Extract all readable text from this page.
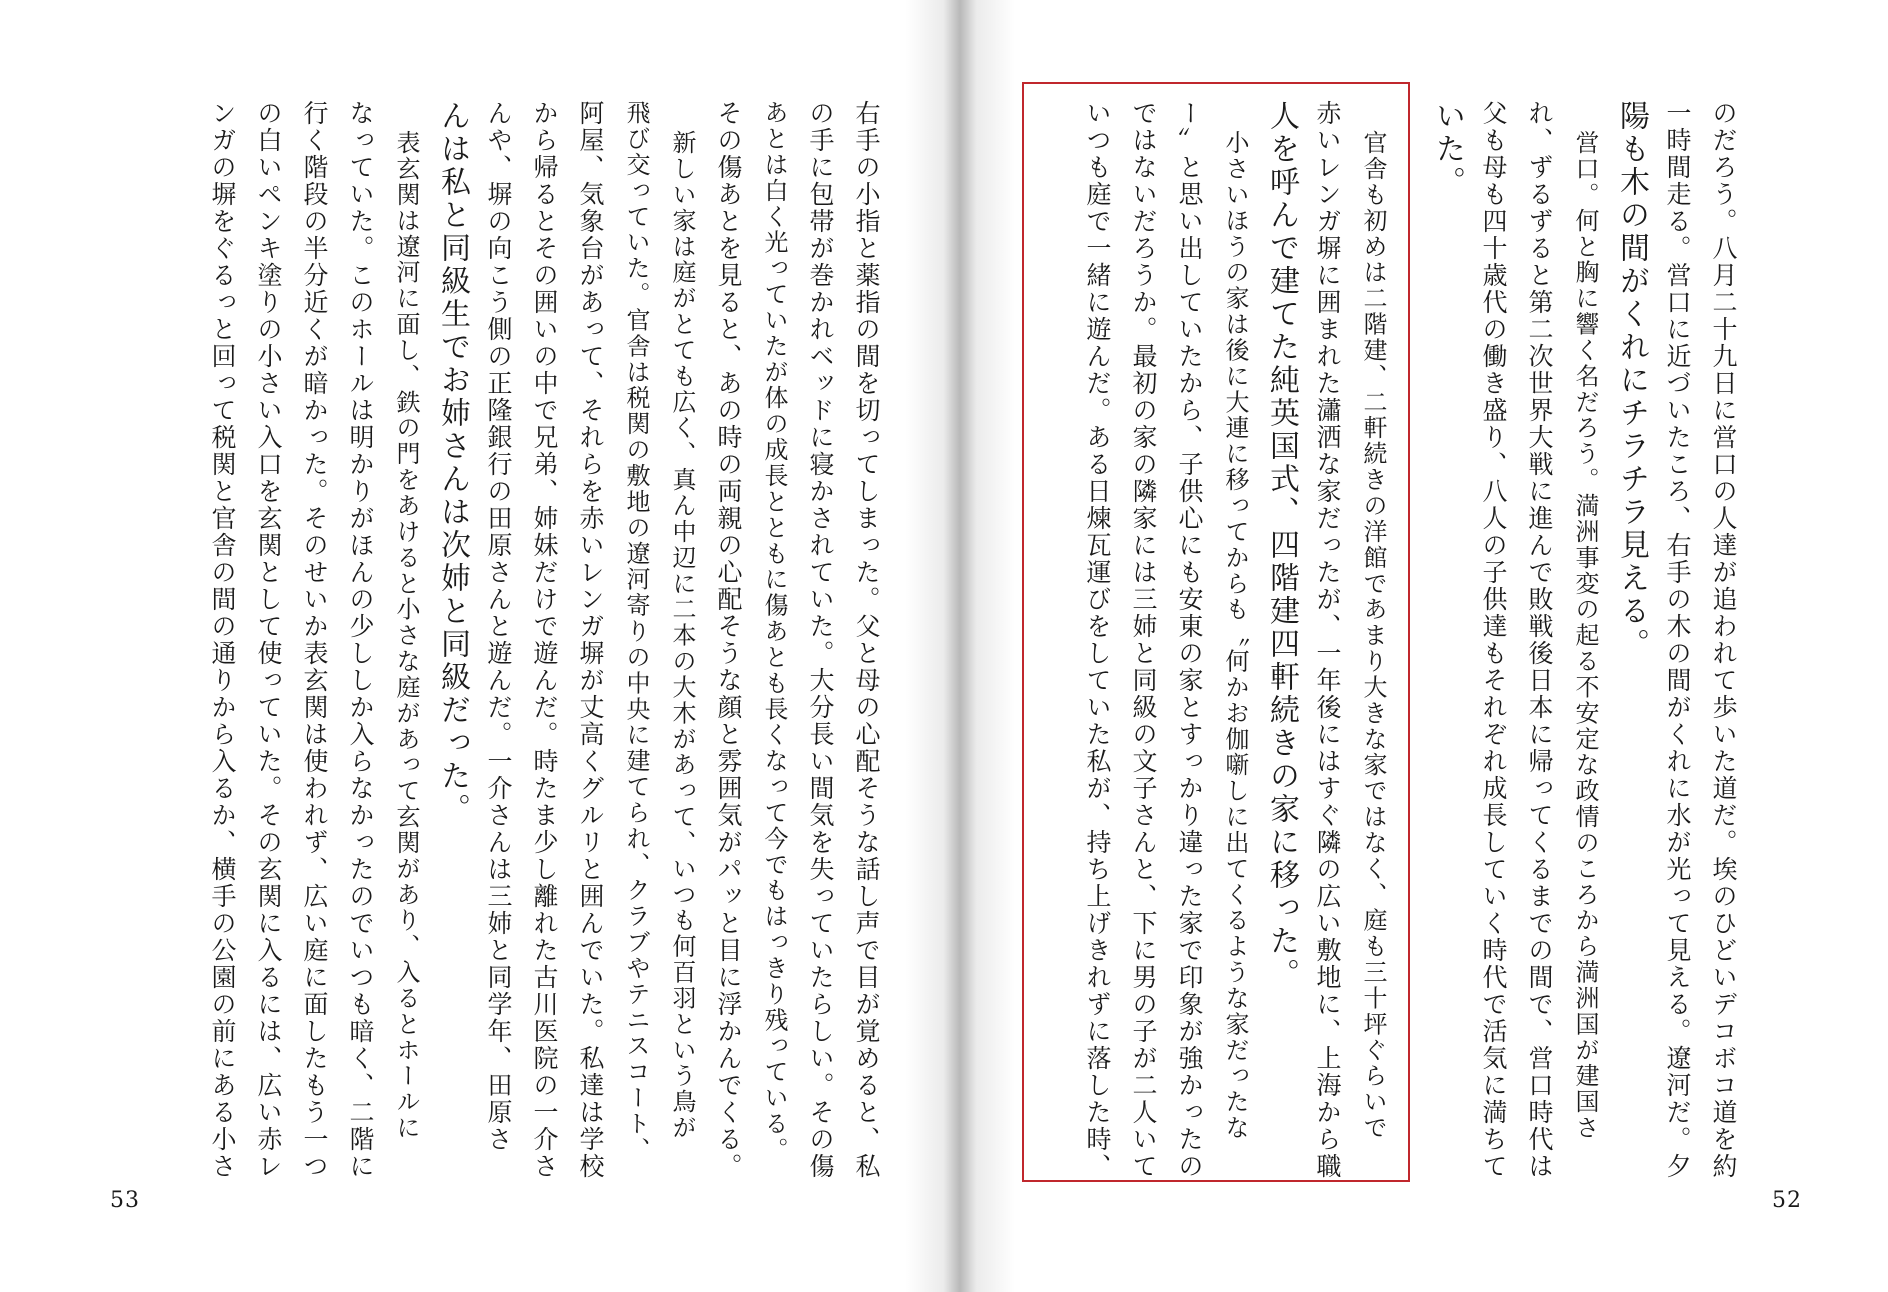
右手の小指と薬指の間を切ってしまった。父と母の心配そうな話し声で目が覚めると、私
の手に包帯が巻かれベッドに寝かされていた。大分長い間気を失っていたらしい。その傷
あとは白く光っていたが体の成長とともに傷あとも長くなって今でもはっきり残っている。
その傷あとを見ると、あの時の両親の心配そうな顔と雰囲気がパッと目に浮かんでくる。
新しい家は庭がとても広く、真ん中辺に二本の大木があって、いつも何百羽という鳥が
飛び交っていた。官舎は税関の敷地の遼河寄りの中央に建てられ、クラブやテニスコート、
阿屋、気象台があって、それらを赤いレンガ塀が丈高くグルリと囲んでいた。私達は学校
から帰るとその囲いの中で兄弟、姉妹だけで遊んだ。時たま少し離れた古川医院の一介さ
んや、塀の向こう側の正隆銀行の田原さんと遊んだ。一介さんは三姉と同学年、田原さ
んは私と同級生でお姉さんは次姉と同級だった。
表玄関は遼河に面し、鉄の門をあけると小さな庭があって玄関があり、入るとホールに
なっていた。このホールは明かりがほんの少ししか入らなかったのでいつも暗く、二階に
行く階段の半分近くが暗かった。そのせいか表玄関は使われず、広い庭に面したもう一つ
の白いペンキ塗りの小さい入口を玄関として使っていた。その玄関に入るには、広い赤レ
ンガの塀をぐるっと回って税関と官舎の間の通りから入るか、横手の公園の前にある小さ
53
のだろう。八月二十九日に営口の人達が追われて歩いた道だ。埃のひどいデコボコ道を約
一時間走る。営口に近づいたころ、右手の木の間がくれに水が光って見える。遼河だ。夕
陽も木の間がくれにチラチラ見える。
営口。何と胸に響く名だろう。満洲事変の起る不安定な政情のころから満洲国が建国さ
れ、ずるずると第二次世界大戦に進んで敗戦後日本に帰ってくるまでの間で、営口時代は
父も母も四十歳代の働き盛り、八人の子供達もそれぞれ成長していく時代で活気に満ちて
いた。
官舎も初めは二階建、二軒続きの洋館であまり大きな家ではなく、庭も三十坪ぐらいで
赤いレンガ塀に囲まれた瀟洒な家だったが、一年後にはすぐ隣の広い敷地に、上海から職
人を呼んで建てた純英国式、四階建四軒続きの家に移った。
小さいほうの家は後に大連に移ってからも〝何かお伽噺しに出てくるような家だったな
ー〟と思い出していたから、子供心にも安東の家とすっかり違った家で印象が強かったの
ではないだろうか。最初の家の隣家には三姉と同級の文子さんと、下に男の子が二人いて
いつも庭で一緒に遊んだ。ある日煉瓦運びをしていた私が、持ち上げきれずに落した時、
52
